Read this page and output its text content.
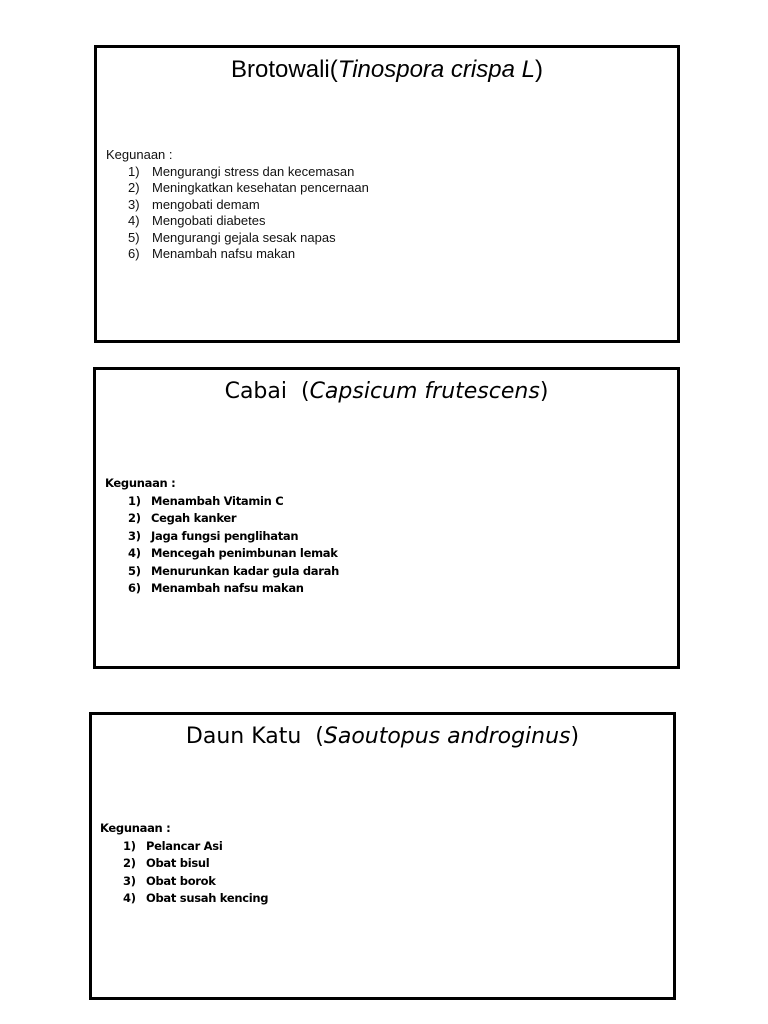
Brotowali(Tinospora crispa L)
Kegunaan :
1) Mengurangi stress dan kecemasan
2) Meningkatkan kesehatan pencernaan
3) mengobati demam
4) Mengobati diabetes
5) Mengurangi gejala sesak napas
6) Menambah nafsu makan
Cabai  (Capsicum frutescens)
Kegunaan :
1) Menambah Vitamin C
2) Cegah kanker
3) Jaga fungsi penglihatan
4) Mencegah penimbunan lemak
5) Menurunkan kadar gula darah
6) Menambah nafsu makan
Daun Katu  (Saoutopus androginus)
Kegunaan :
1) Pelancar Asi
2) Obat bisul
3) Obat borok
4) Obat susah kencing
